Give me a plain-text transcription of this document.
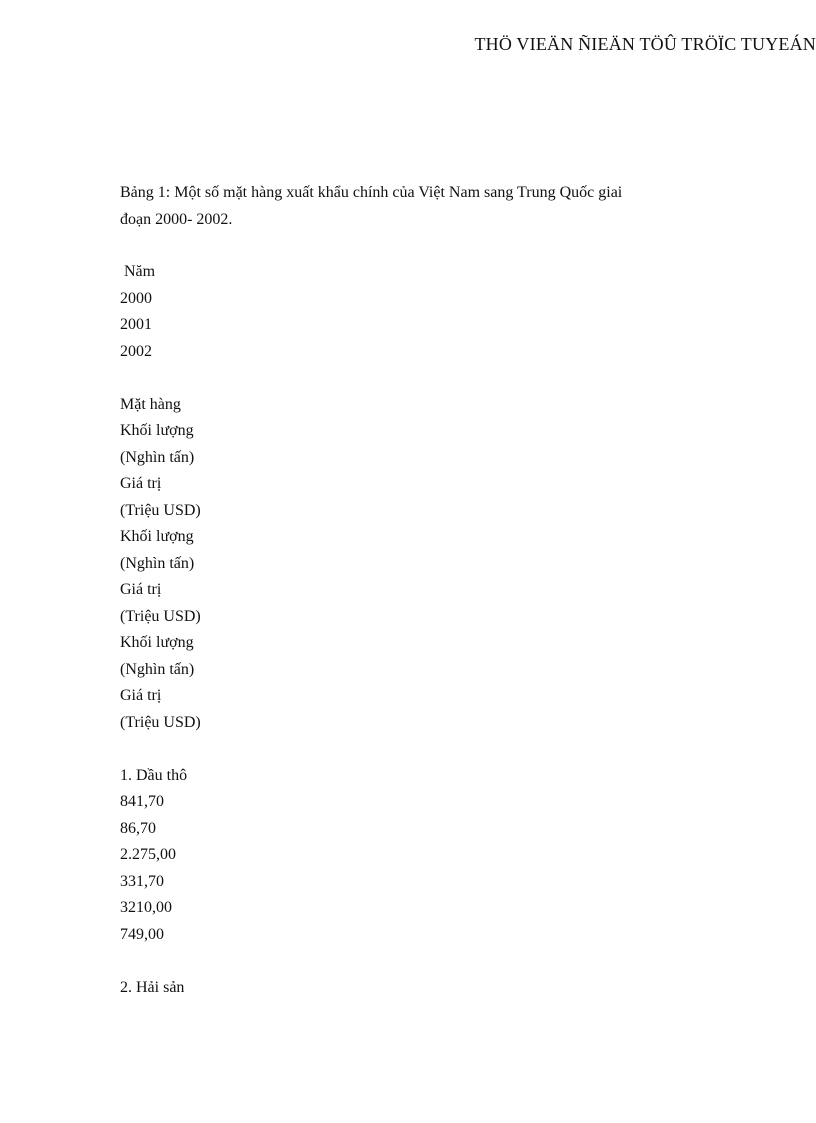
THÖ VIEÄN ÑIEÄN TÖÛ TRÖÏC TUYEÁN
Bảng 1: Một số mặt hàng xuất khẩu chính của Việt Nam sang Trung Quốc giai
đoạn 2000- 2002.
Năm
2000
2001
2002
Mặt hàng
Khối lượng
(Nghìn tấn)
Giá trị
(Triệu USD)
Khối lượng
(Nghìn tấn)
Giá trị
(Triệu USD)
Khối lượng
(Nghìn tấn)
Giá trị
(Triệu USD)
1. Dầu thô
841,70
86,70
2.275,00
331,70
3210,00
749,00
2. Hải sản
